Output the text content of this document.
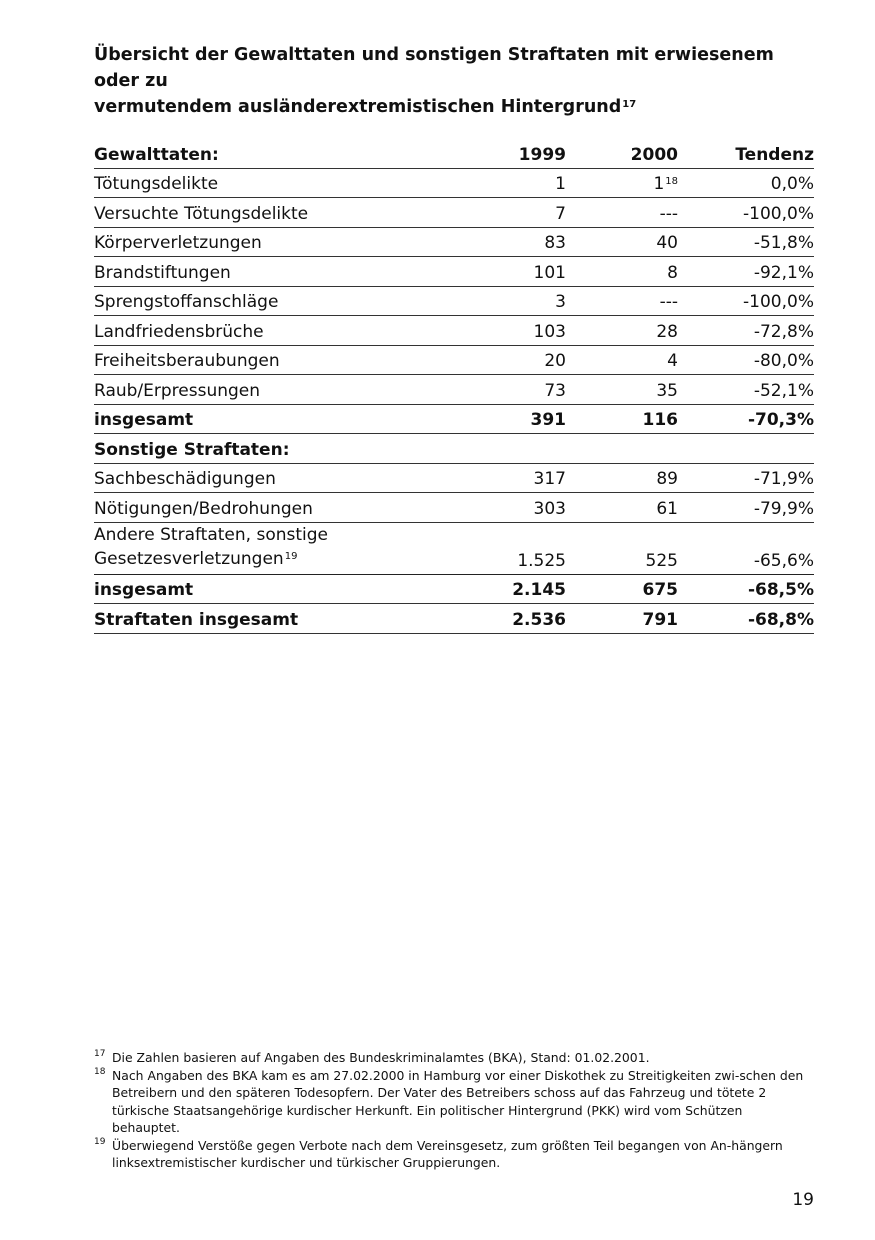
Übersicht der Gewalttaten und sonstigen Straftaten mit erwiesenem oder zu
vermutendem ausländerextremistischen Hintergrund$^{17}$
Gewalttaten:	1999	2000	Tendenz
Tötungsdelikte	1	$1^{18}$	0,0%
Versuchte Tötungsdelikte	7	---	-100,0%
Körperverletzungen	83	40	-51,8%
Brandstiftungen	101	8	-92,1%
Sprengstoffanschläge	3	---	-100,0%
Landfriedensbrüche	103	28	-72,8%
Freiheitsberaubungen	20	4	-80,0%
Raub/Erpressungen	73	35	-52,1%
insgesamt	391	116	-70,3%
Sonstige Straftaten:			
Sachbeschädigungen	317	89	-71,9%
Nötigungen/Bedrohungen	303	61	-79,9%
Andere Straftaten, sonstige
Gesetzesverletzungen$^{19}$	1.525	525	-65,6%
insgesamt	2.145	675	-68,5%
Straftaten insgesamt	2.536	791	-68,8%
17 Die Zahlen basieren auf Angaben des Bundeskriminalamtes (BKA), Stand: 01.02.2001.
18 Nach Angaben des BKA kam es am 27.02.2000 in Hamburg vor einer Diskothek zu Streitigkeiten zwi-schen den Betreibern und den späteren Todesopfern. Der Vater des Betreibers schoss auf das Fahrzeug und tötete 2 türkische Staatsangehörige kurdischer Herkunft. Ein politischer Hintergrund (PKK) wird vom Schützen behauptet.
19 Überwiegend Verstöße gegen Verbote nach dem Vereinsgesetz, zum größten Teil begangen von An-hängern linksextremistischer kurdischer und türkischer Gruppierungen.
19
